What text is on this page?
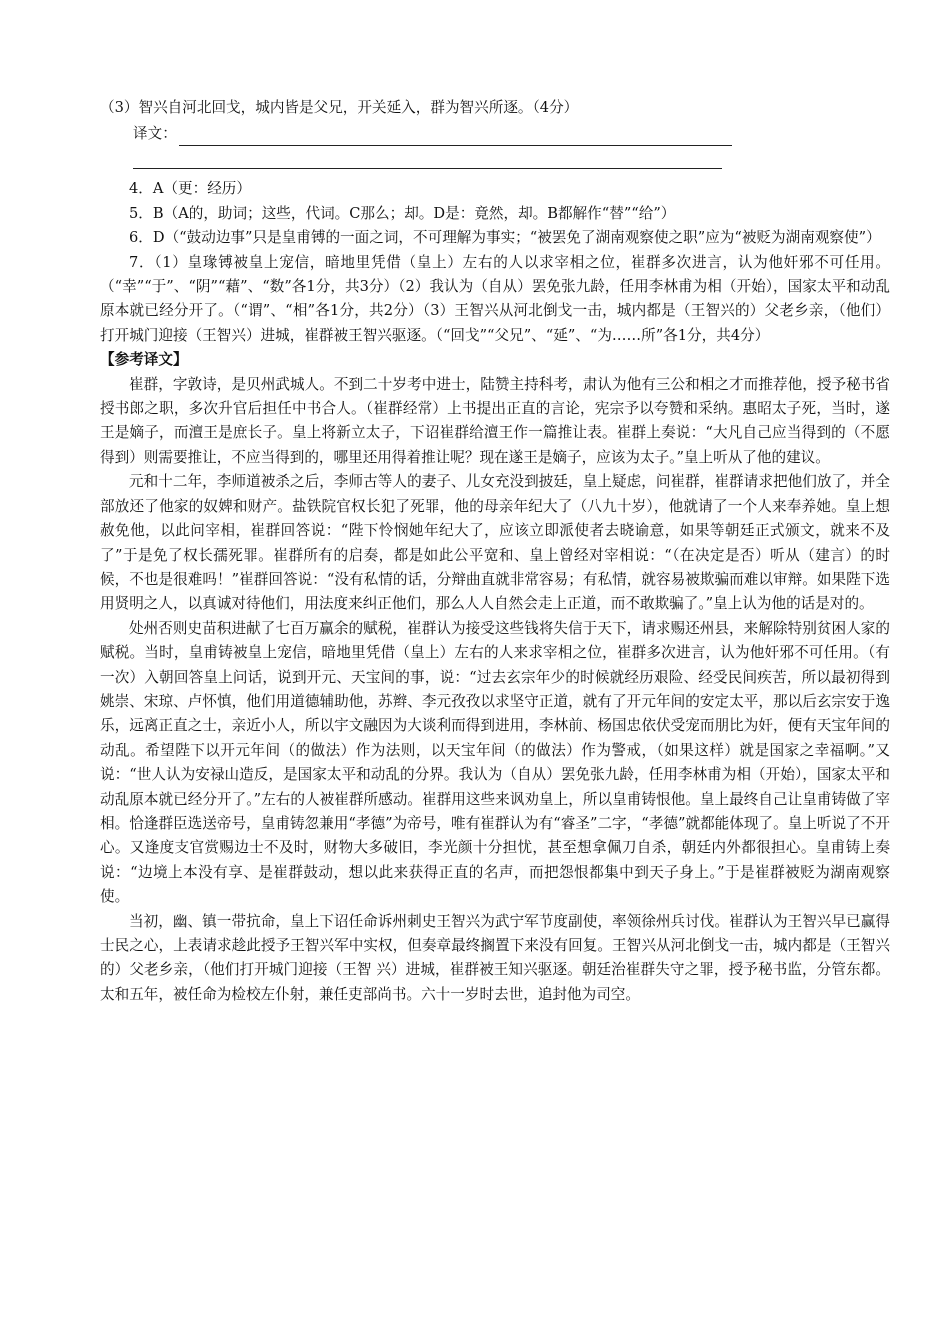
（3）智兴自河北回戈，城内皆是父兄，开关延入，群为智兴所逐。（4分）

译文：

4．A（更：经历）

5．B（A的，助词；这些，代词。C那么；却。D是：竟然，却。B都解作“替”“给”）

6．D（“鼓动边事”只是皇甫镈的一面之词，不可理解为事实；“被罢免了湖南观察使之职”应为“被贬为湖南观察使”）

7．（1）皇瑑镈被皇上宠信，暗地里凭借（皇上）左右的人以求宰相之位，崔群多次进言，认为他奸邪不可任用。（“幸”“于”、“阴”“藉”、“数”各1分，共3分）（2）我认为（自从）罢免张九龄，任用李林甫为相（开始），国家太平和动乱原本就已经分开了。（“谓”、“相”各1分，共2分）（3）王智兴从河北倒戈一击，城内都是（王智兴的）父老乡亲，（他们）打开城门迎接（王智兴）进城，崔群被王智兴驱逐。（“回戈”“父兄”、“延”、“为……所”各1分，共4分）

【参考译文】

崔群，字敦诗，是贝州武城人。不到二十岁考中进士，陆赞主持科考，肃认为他有三公和相之才而推荐他，授予秘书省授书郎之职，多次升官后担任中书合人。（崔群经常）上书提出正直的言论，宪宗予以夸赞和采纳。惠昭太子死，当时，遂王是嫡子，而澶王是庶长子。皇上将新立太子，下诏崔群给澶王作一篇推让表。崔群上奏说：“大凡自己应当得到的（不愿得到）则需要推让，不应当得到的，哪里还用得着推让呢？现在遂王是嫡子，应该为太子。”皇上听从了他的建议。

元和十二年，李师道被杀之后，李师古等人的妻子、儿女充没到披廷，皇上疑虑，问崔群，崔群请求把他们放了，并全部放还了他家的奴婢和财产。盐铁院官权长犯了死罪，他的母亲年纪大了（八九十岁），他就请了一个人来奉养她。皇上想赦免他，以此问宰相，崔群回答说：“陛下怜悯她年纪大了，应该立即派使者去晓谕意，如果等朝廷正式颁文，就来不及了”于是免了权长孺死罪。崔群所有的启奏，都是如此公平宽和、皇上曾经对宰相说：“（在决定是否）听从（建言）的时候，不也是很难吗！”崔群回答说：“没有私情的话，分辩曲直就非常容易；有私情，就容易被欺骗而难以审辩。如果陛下选用贤明之人，以真诚对待他们，用法度来纠正他们，那么人人自然会走上正道，而不敢欺骗了。”皇上认为他的话是对的。

处州否则史苗积进献了七百万赢余的赋税，崔群认为接受这些钱将失信于天下，请求赐还州县，来解除特别贫困人家的赋税。当时，皇甫铸被皇上宠信，暗地里凭借（皇上）左右的人来求宰相之位，崔群多次进言，认为他奸邪不可任用。（有一次）入朝回答皇上问话，说到开元、天宝间的事，说：“过去玄宗年少的时候就经历艰险、经受民间疾苦，所以最初得到姚崇、宋琼、卢怀慎，他们用道德辅助他，苏辫、李元孜孜以求坚守正道，就有了开元年间的安定太平，那以后玄宗安于逸乐，远离正直之士，亲近小人，所以宇文融因为大谈利而得到进用，李林前、杨国忠依伏受宠而朋比为奸，便有天宝年间的动乱。希望陛下以开元年间（的做法）作为法则，以天宝年间（的做法）作为警戒，（如果这样）就是国家之幸福啊。”又说：“世人认为安禄山造反，是国家太平和动乱的分界。我认为（自从）罢免张九龄，任用李林甫为相（开始），国家太平和动乱原本就已经分开了。”左右的人被崔群所感动。崔群用这些来讽劝皇上，所以皇甫铸恨他。皇上最终自己让皇甫铸做了宰相。恰逢群臣选送帝号，皇甫铸忽兼用“孝德”为帝号，唯有崔群认为有“睿圣”二字，“孝德”就都能体现了。皇上听说了不开心。又逢度支官赏赐边士不及时，财物大多破旧，李光颜十分担忧，甚至想拿佩刀自杀，朝廷内外都很担心。皇甫铸上奏说：“边境上本没有享、是崔群鼓动，想以此来获得正直的名声，而把怨恨都集中到天子身上。”于是崔群被贬为湖南观察使。

当初，幽、镇一带抗命，皇上下诏任命诉州刺史王智兴为武宁军节度副使，率领徐州兵讨伐。崔群认为王智兴早已赢得士民之心，上表请求趁此授予王智兴军中实权，但奏章最终搁置下来没有回复。王智兴从河北倒戈一击，城内都是（王智兴的）父老乡亲，（他们打开城门迎接（王智 兴）进城，崔群被王知兴驱逐。朝廷治崔群失守之罪，授予秘书监，分管东都。太和五年，被任命为检校左仆射，兼任吏部尚书。六十一岁时去世，追封他为司空。
